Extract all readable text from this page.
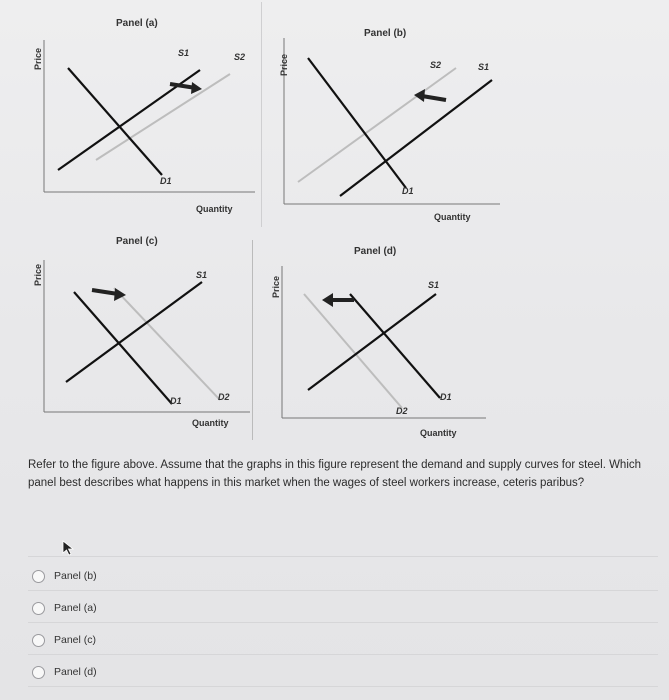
Panel (a)
Price
Quantity
S1	S2
D1
Panel (b)
Price
Quantity
S2	S1
D1
Panel (c)
Price
Quantity
S1
D1	D2
Panel (d)
Price
Quantity
S1
D2
D1
Refer to the figure above. Assume that the graphs in this figure represent the demand and supply curves for steel. Which panel best describes what happens in this market when the wages of steel workers increase, ceteris paribus?
Panel (b)
Panel (a)
Panel (c)
Panel (d)
